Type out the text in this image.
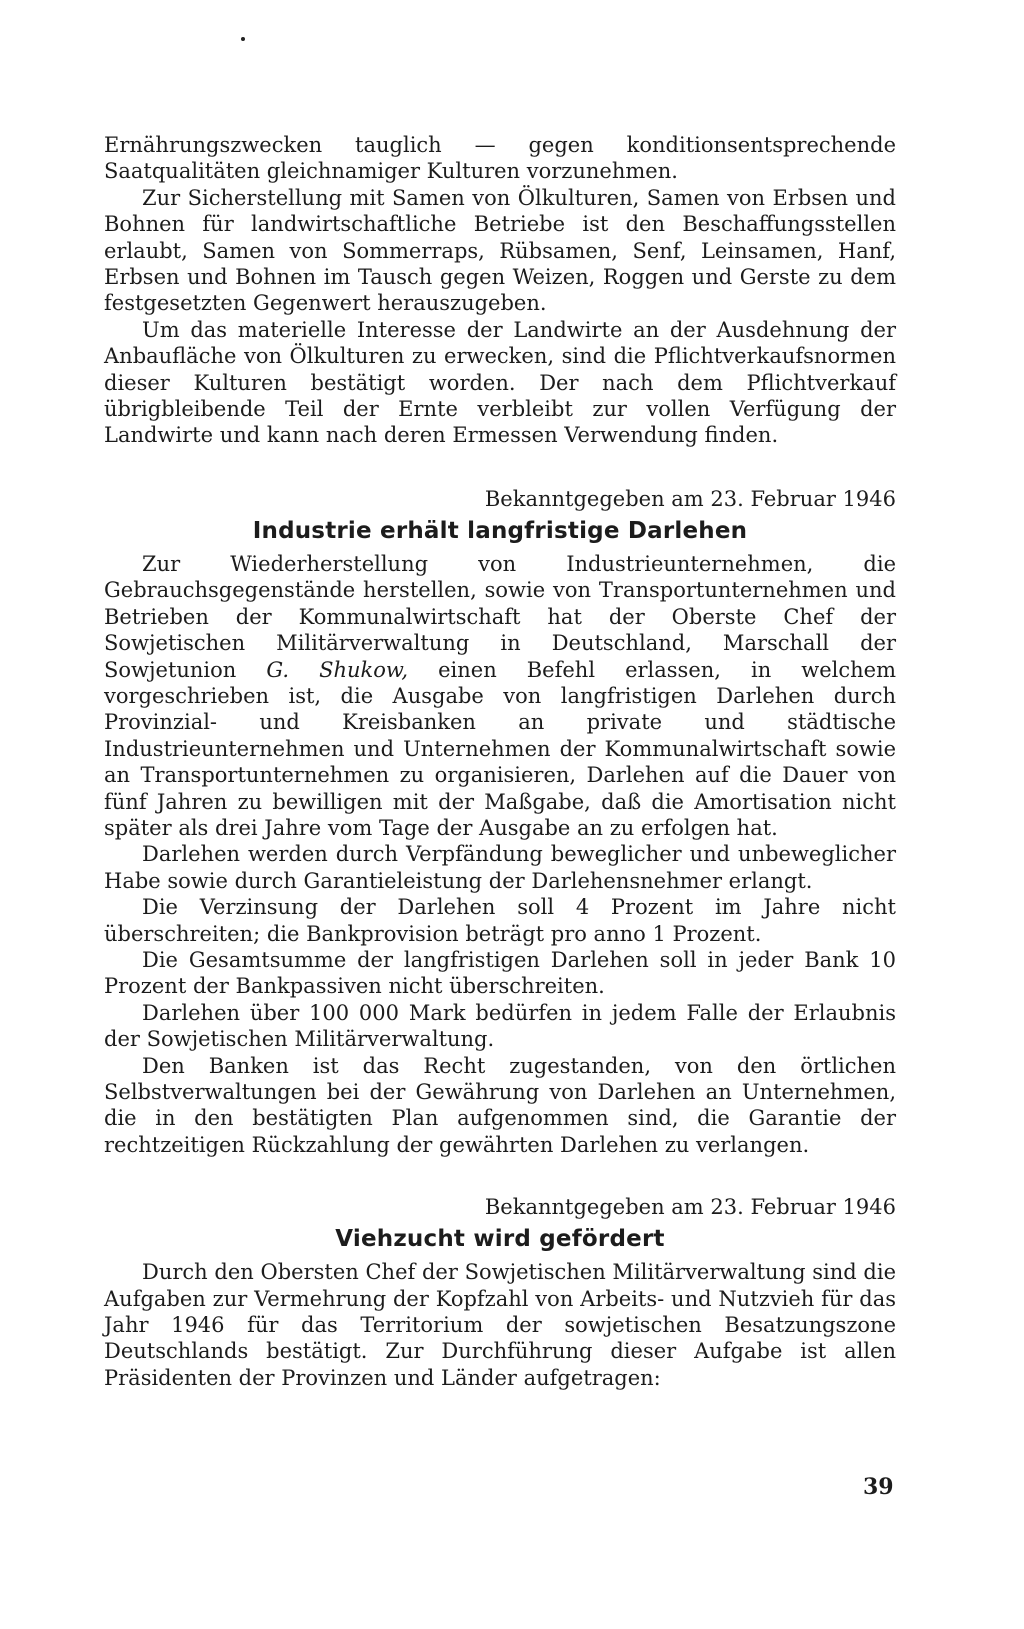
Ernährungszwecken tauglich — gegen konditionsentsprechende Saatqualitäten gleichnamiger Kulturen vorzunehmen.

Zur Sicherstellung mit Samen von Ölkulturen, Samen von Erbsen und Bohnen für landwirtschaftliche Betriebe ist den Beschaffungsstellen erlaubt, Samen von Sommerraps, Rübsamen, Senf, Leinsamen, Hanf, Erbsen und Bohnen im Tausch gegen Weizen, Roggen und Gerste zu dem festgesetzten Gegenwert herauszugeben.

Um das materielle Interesse der Landwirte an der Ausdehnung der Anbaufläche von Ölkulturen zu erwecken, sind die Pflichtverkaufsnormen dieser Kulturen bestätigt worden. Der nach dem Pflichtverkauf übrigbleibende Teil der Ernte verbleibt zur vollen Verfügung der Landwirte und kann nach deren Ermessen Verwendung finden.

Bekanntgegeben am 23. Februar 1946

Industrie erhält langfristige Darlehen

Zur Wiederherstellung von Industrieunternehmen, die Gebrauchsgegenstände herstellen, sowie von Transportunternehmen und Betrieben der Kommunalwirtschaft hat der Oberste Chef der Sowjetischen Militärverwaltung in Deutschland, Marschall der Sowjetunion G. Shukow, einen Befehl erlassen, in welchem vorgeschrieben ist, die Ausgabe von langfristigen Darlehen durch Provinzial- und Kreisbanken an private und städtische Industrieunternehmen und Unternehmen der Kommunalwirtschaft sowie an Transportunternehmen zu organisieren, Darlehen auf die Dauer von fünf Jahren zu bewilligen mit der Maßgabe, daß die Amortisation nicht später als drei Jahre vom Tage der Ausgabe an zu erfolgen hat.

Darlehen werden durch Verpfändung beweglicher und unbeweglicher Habe sowie durch Garantieleistung der Darlehensnehmer erlangt.

Die Verzinsung der Darlehen soll 4 Prozent im Jahre nicht überschreiten; die Bankprovision beträgt pro anno 1 Prozent.

Die Gesamtsumme der langfristigen Darlehen soll in jeder Bank 10 Prozent der Bankpassiven nicht überschreiten.

Darlehen über 100 000 Mark bedürfen in jedem Falle der Erlaubnis der Sowjetischen Militärverwaltung.

Den Banken ist das Recht zugestanden, von den örtlichen Selbstverwaltungen bei der Gewährung von Darlehen an Unternehmen, die in den bestätigten Plan aufgenommen sind, die Garantie der rechtzeitigen Rückzahlung der gewährten Darlehen zu verlangen.

Bekanntgegeben am 23. Februar 1946

Viehzucht wird gefördert

Durch den Obersten Chef der Sowjetischen Militärverwaltung sind die Aufgaben zur Vermehrung der Kopfzahl von Arbeits- und Nutzvieh für das Jahr 1946 für das Territorium der sowjetischen Besatzungszone Deutschlands bestätigt. Zur Durchführung dieser Aufgabe ist allen Präsidenten der Provinzen und Länder aufgetragen:

39
